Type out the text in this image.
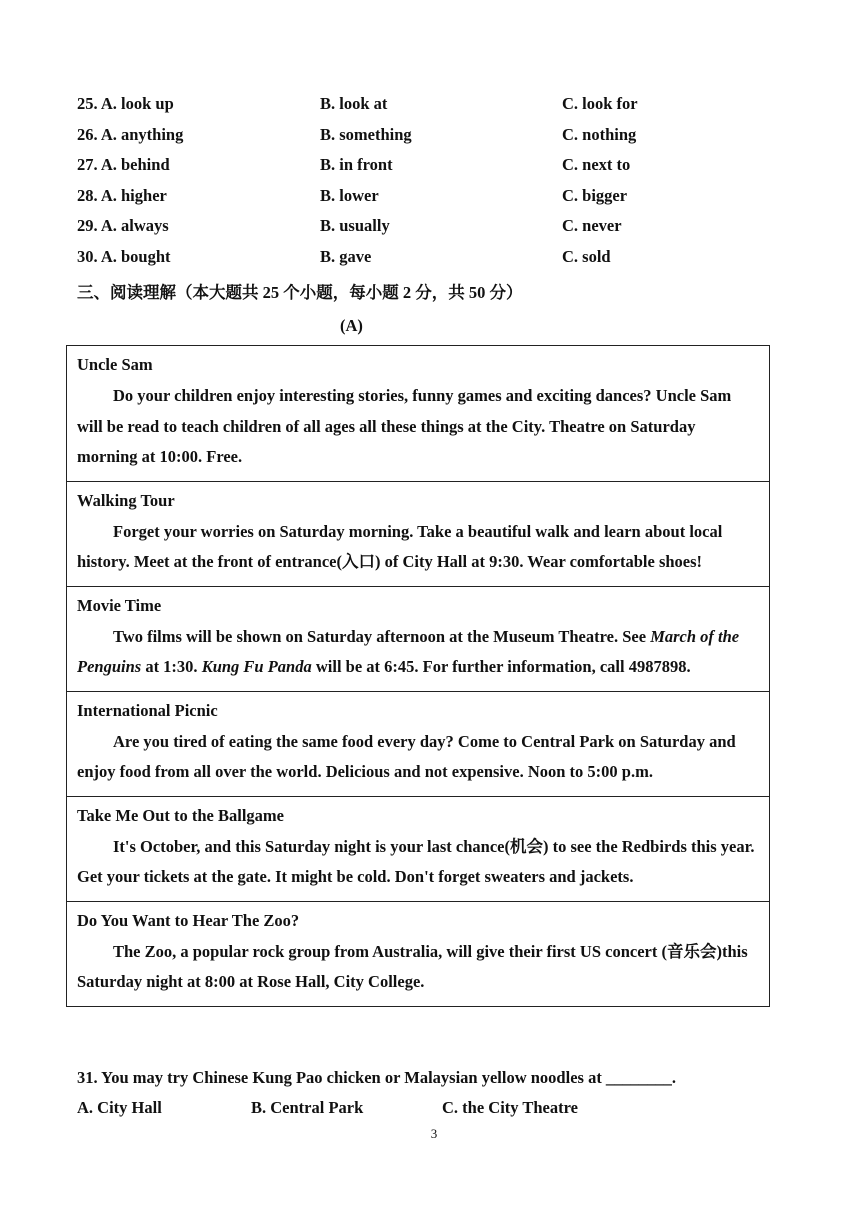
25. A. look up	B. look at	C. look for
26. A. anything	B. something	C. nothing
27. A. behind	B. in front	C. next to
28. A. higher	B. lower	C. bigger
29. A. always	B. usually	C. never
30. A. bought	B. gave	C. sold
三、阅读理解（本大题共 25 个小题，每小题 2 分，共 50 分）
(A)
Uncle Sam
Do your children enjoy interesting stories, funny games and exciting dances? Uncle Sam will be read to teach children of all ages all these things at the City. Theatre on Saturday morning at 10:00. Free.
Walking Tour
Forget your worries on Saturday morning. Take a beautiful walk and learn about local history. Meet at the front of entrance(入口) of City Hall at 9:30. Wear comfortable shoes!
Movie Time
Two films will be shown on Saturday afternoon at the Museum Theatre. See March of the Penguins at 1:30. Kung Fu Panda will be at 6:45. For further information, call 4987898.
International Picnic
Are you tired of eating the same food every day? Come to Central Park on Saturday and enjoy food from all over the world. Delicious and not expensive. Noon to 5:00 p.m.
Take Me Out to the Ballgame
It's October, and this Saturday night is your last chance(机会) to see the Redbirds this year. Get your tickets at the gate. It might be cold. Don't forget sweaters and jackets.
Do You Want to Hear The Zoo?
The Zoo, a popular rock group from Australia, will give their first US concert (音乐会)this Saturday night at 8:00 at Rose Hall, City College.
31. You may try Chinese Kung Pao chicken or Malaysian yellow noodles at ________.
A. City Hall	B. Central Park	C. the City Theatre
3
